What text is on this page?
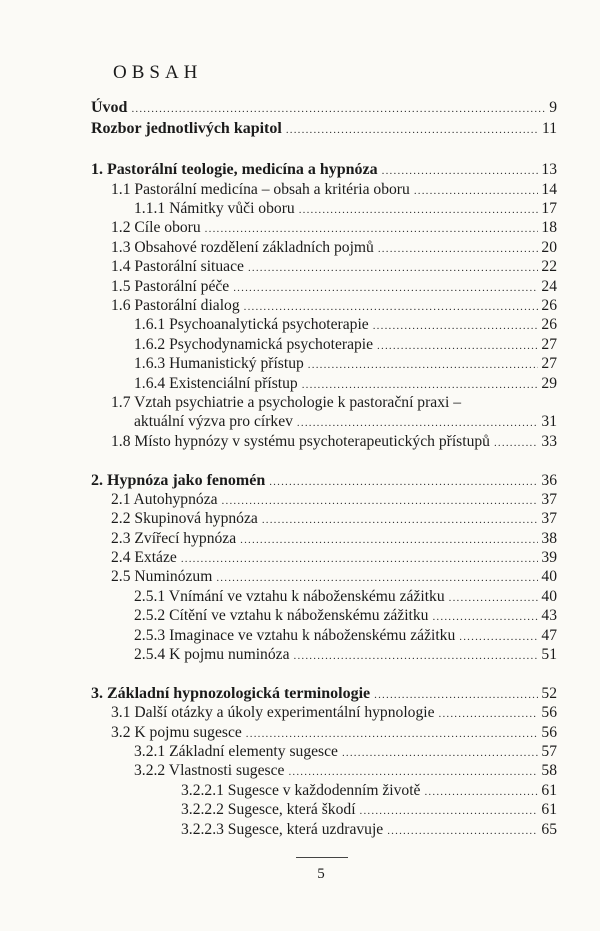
OBSAH
Úvod .....	9
Rozbor jednotlivých kapitol .....	11
1. Pastorální teologie, medicína a hypnóza .....	13
1.1 Pastorální medicína – obsah a kritéria oboru .....	14
1.1.1 Námitky vůči oboru .....	17
1.2 Cíle oboru .....	18
1.3 Obsahové rozdělení základních pojmů .....	20
1.4 Pastorální situace .....	22
1.5 Pastorální péče .....	24
1.6 Pastorální dialog .....	26
1.6.1 Psychoanalytická psychoterapie .....	26
1.6.2 Psychodynamická psychoterapie .....	27
1.6.3 Humanistický přístup .....	27
1.6.4 Existenciální přístup .....	29
1.7 Vztah psychiatrie a psychologie k pastorační praxi –
aktuální výzva pro církev .....	31
1.8 Místo hypnózy v systému psychoterapeutických přístupů .....	33
2. Hypnóza jako fenomén .....	36
2.1 Autohypnóza .....	37
2.2 Skupinová hypnóza .....	37
2.3 Zvířecí hypnóza .....	38
2.4 Extáze .....	39
2.5 Numinózum .....	40
2.5.1 Vnímání ve vztahu k náboženskému zážitku .....	40
2.5.2 Cítění ve vztahu k náboženskému zážitku .....	43
2.5.3 Imaginace ve vztahu k náboženskému zážitku .....	47
2.5.4 K pojmu numinóza .....	51
3. Základní hypnozologická terminologie .....	52
3.1 Další otázky a úkoly experimentální hypnologie .....	56
3.2 K pojmu sugesce .....	56
3.2.1 Základní elementy sugesce .....	57
3.2.2 Vlastnosti sugesce .....	58
3.2.2.1 Sugesce v každodenním životě .....	61
3.2.2.2 Sugesce, která škodí .....	61
3.2.2.3 Sugesce, která uzdravuje .....	65
5
